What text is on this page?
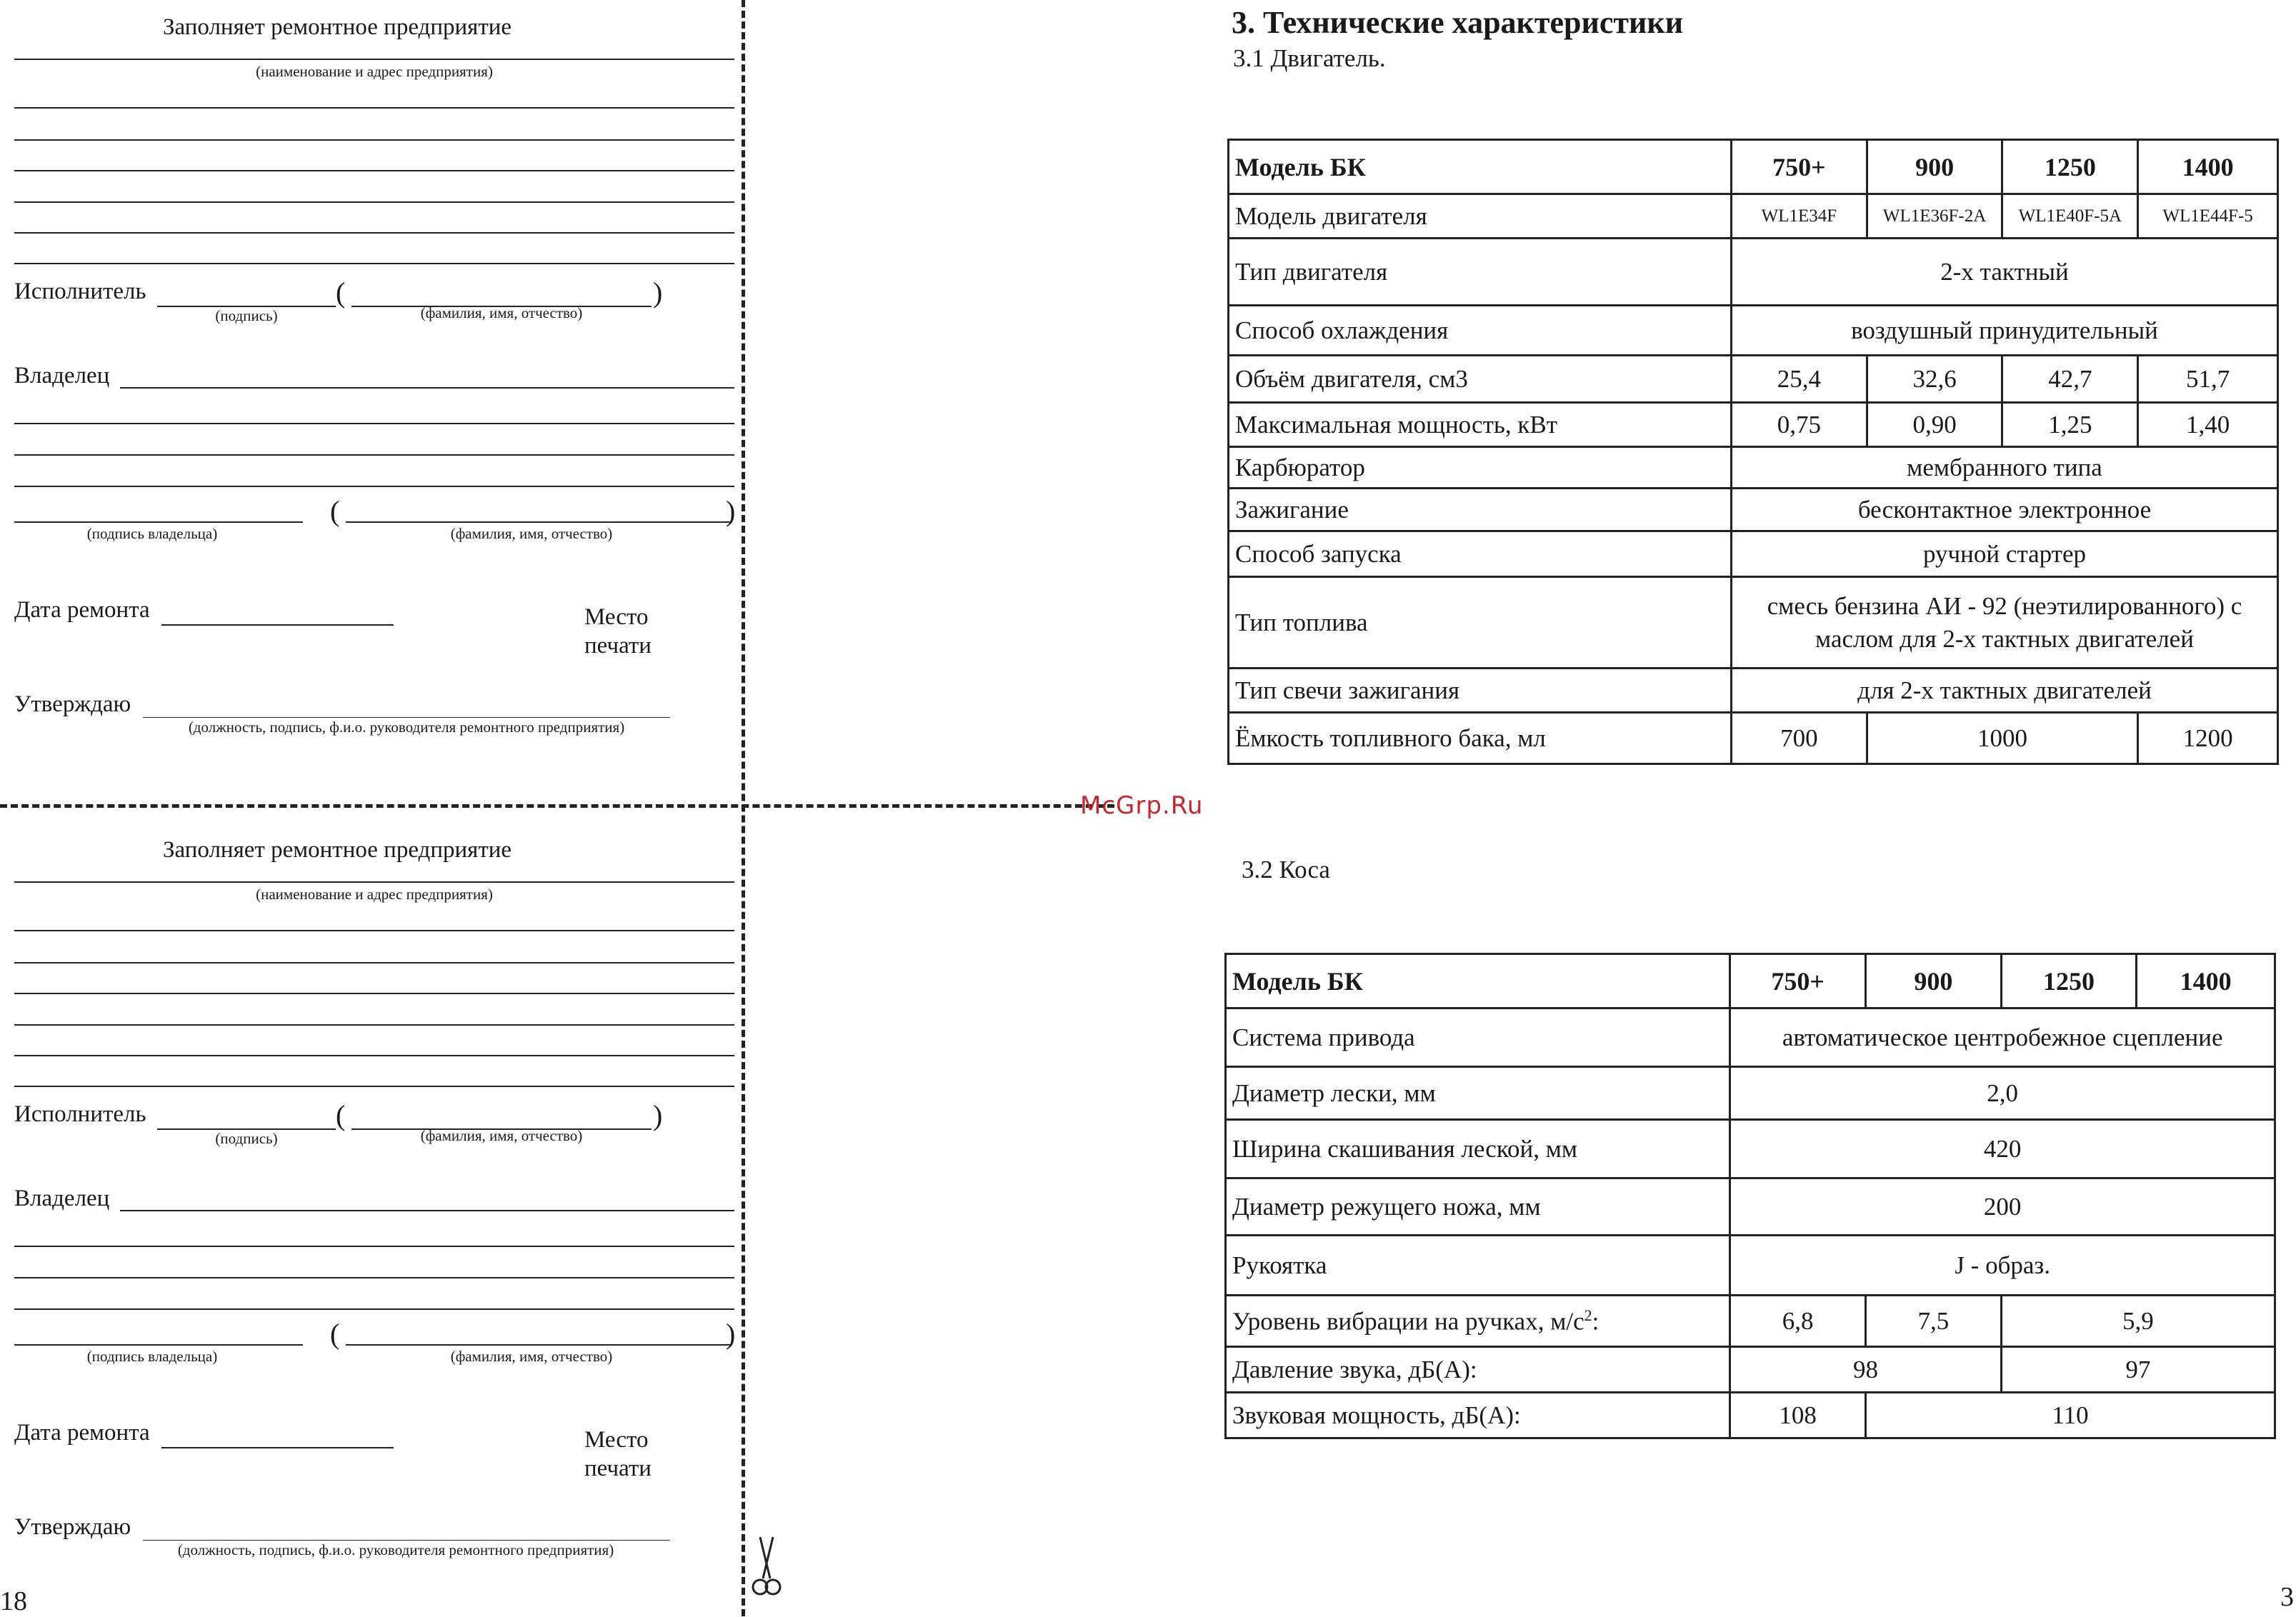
Заполняет ремонтное предприятие
(наименование и адрес предприятия)
Исполнитель
(подпись)
(
(фамилия, имя, отчество)
)
Владелец
(подпись владельца)
(
(фамилия, имя, отчество)
)
Дата ремонта	Место
печати
Утверждаю
(должность, подпись, ф.и.о. руководителя ремонтного предприятия)
Заполняет ремонтное предприятие
(наименование и адрес предприятия)
Исполнитель
(подпись)
(
(фамилия, имя, отчество)
)
Владелец
(подпись владельца)
(
(фамилия, имя, отчество)
)
Дата ремонта	Место
печати
Утверждаю
(должность, подпись, ф.и.о. руководителя ремонтного предприятия)
18	3
McGrp.Ru
3. Технические характеристики
3.1 Двигатель.
Модель БК	750+	900	1250	1400
Модель двигателя	WL1E34F	WL1E36F-2A	WL1E40F-5A	WL1E44F-5
Тип двигателя	2-х тактный			
Способ охлаждения	воздушный принудительный			
Объём двигателя, см3	25,4	32,6	42,7	51,7
Максимальная мощность, кВт	0,75	0,90	1,25	1,40
Карбюратор	мембранного типа			
Зажигание	бесконтактное электронное			
Способ запуска	ручной стартер			
Тип топлива	смесь бензина АИ - 92 (неэтилированного) с
маслом для 2-х тактных двигателей			

Тип свечи зажигания	для 2-х тактных двигателей			
Ёмкость топливного бака, мл	700	1000		1200
3.2 Коса
Модель БК	750+	900	1250	1400
Система привода	автоматическое центробежное сцепление			
Диаметр лески, мм	2,0			
Ширина скашивания леской, мм	420			
Диаметр режущего ножа, мм	200			
Рукоятка	J - образ.			
Уровень вибрации на ручках, $м/с^2$:	6,8	7,5	5,9	
Давление звука, дБ(А):	98		97	
Звуковая мощность, дБ(А):	108	110		
